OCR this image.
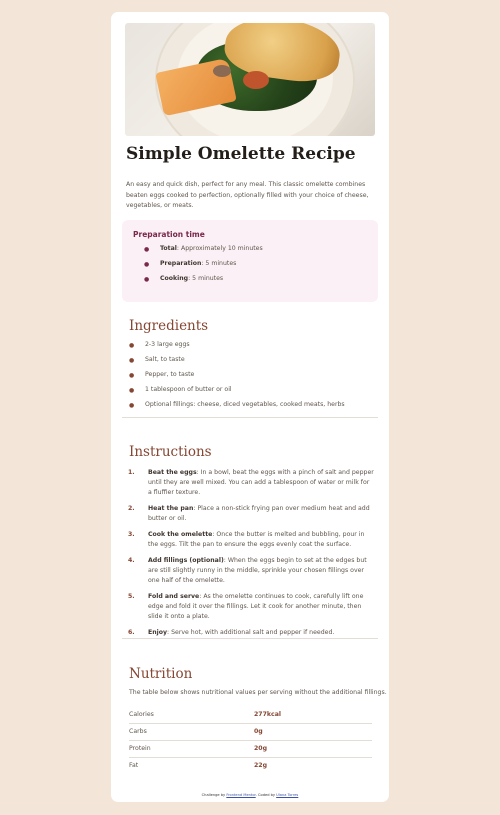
Simple Omelette Recipe

An easy and quick dish, perfect for any meal. This classic omelette combines beaten eggs cooked to perfection, optionally filled with your choice of cheese, vegetables, or meats.

Preparation time
● Total: Approximately 10 minutes
● Preparation: 5 minutes
● Cooking: 5 minutes
Ingredients
● 2-3 large eggs
● Salt, to taste
● Pepper, to taste
● 1 tablespoon of butter or oil
● Optional fillings: cheese, diced vegetables, cooked meats, herbs
Instructions
1. Beat the eggs: In a bowl, beat the eggs with a pinch of salt and pepper until they are well mixed. You can add a tablespoon of water or milk for a fluffier texture.
2. Heat the pan: Place a non-stick frying pan over medium heat and add butter or oil.
3. Cook the omelette: Once the butter is melted and bubbling, pour in the eggs. Tilt the pan to ensure the eggs evenly coat the surface.
4. Add fillings (optional): When the eggs begin to set at the edges but are still slightly runny in the middle, sprinkle your chosen fillings over one half of the omelette.
5. Fold and serve: As the omelette continues to cook, carefully lift one edge and fold it over the fillings. Let it cook for another minute, then slide it onto a plate.
6. Enjoy: Serve hot, with additional salt and pepper if needed.
Nutrition

The table below shows nutritional values per serving without the additional fillings.

Calories	277kcal
Carbs	0g
Protein	20g
Fat	22g
Challenge by Frontend Mentor. Coded by Ulana Torres
